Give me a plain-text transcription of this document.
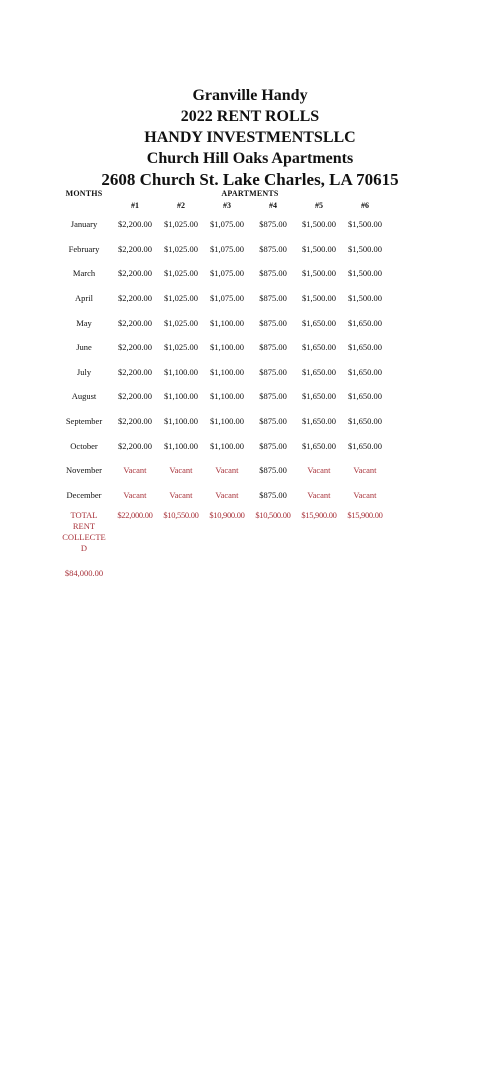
Granville Handy
2022 RENT ROLLS
HANDY INVESTMENTSLLC
Church Hill Oaks Apartments
2608 Church St. Lake Charles, LA 70615
MONTHS	APARTMENTS					
	#1	#2	#3	#4	#5	#6
January	$2,200.00	$1,025.00	$1,075.00	$875.00	$1,500.00	$1,500.00
February	$2,200.00	$1,025.00	$1,075.00	$875.00	$1,500.00	$1,500.00
March	$2,200.00	$1,025.00	$1,075.00	$875.00	$1,500.00	$1,500.00
April	$2,200.00	$1,025.00	$1,075.00	$875.00	$1,500.00	$1,500.00
May	$2,200.00	$1,025.00	$1,100.00	$875.00	$1,650.00	$1,650.00
June	$2,200.00	$1,025.00	$1,100.00	$875.00	$1,650.00	$1,650.00
July	$2,200.00	$1,100.00	$1,100.00	$875.00	$1,650.00	$1,650.00
August	$2,200.00	$1,100.00	$1,100.00	$875.00	$1,650.00	$1,650.00
September	$2,200.00	$1,100.00	$1,100.00	$875.00	$1,650.00	$1,650.00
October	$2,200.00	$1,100.00	$1,100.00	$875.00	$1,650.00	$1,650.00
November	Vacant	Vacant	Vacant	$875.00	Vacant	Vacant
December	Vacant	Vacant	Vacant	$875.00	Vacant	Vacant
TOTAL
RENT
COLLECTE
D	$22,000.00	$10,550.00	$10,900.00	$10,500.00	$15,900.00	$15,900.00
$84,000.00
